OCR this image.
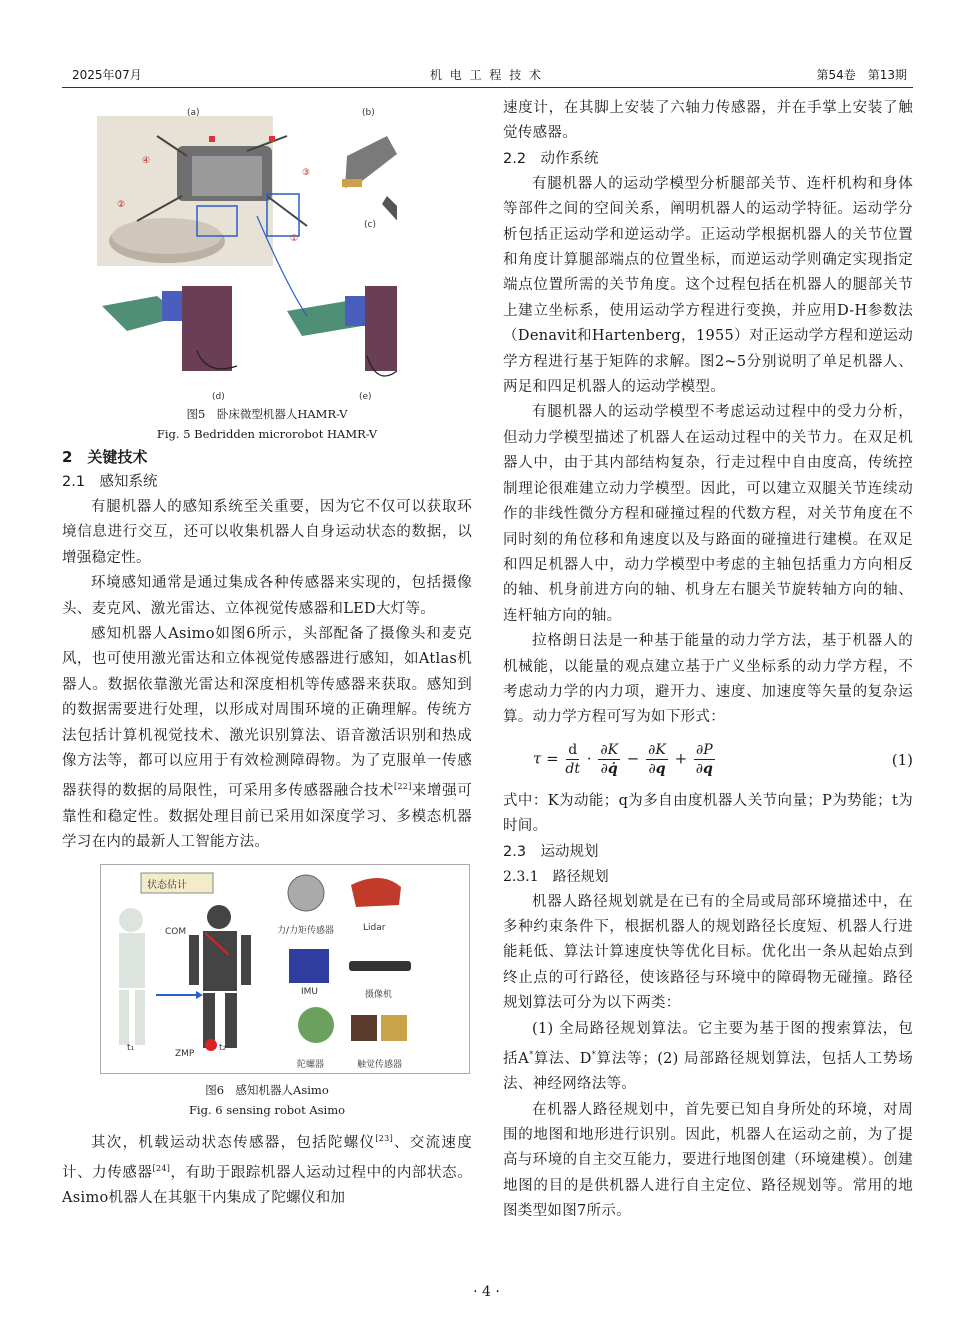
2025年07月	机 电 工 程 技 术	第54卷　第13期
(a)	(b)
(c)
(d)	(e)
①
②
③
④
图5　卧床微型机器人HAMR-V
Fig. 5 Bedridden microrobot HAMR-V
2　关键技术
2.1　感知系统

有腿机器人的感知系统至关重要，因为它不仅可以获取环境信息进行交互，还可以收集机器人自身运动状态的数据，以增强稳定性。

环境感知通常是通过集成各种传感器来实现的，包括摄像头、麦克风、激光雷达、立体视觉传感器和LED大灯等。

感知机器人Asimo如图6所示，头部配备了摄像头和麦克风，也可使用激光雷达和立体视觉传感器进行感知，如Atlas机器人。数据依靠激光雷达和深度相机等传感器来获取。感知到的数据需要进行处理，以形成对周围环境的正确理解。传统方法包括计算机视觉技术、激光识别算法、语音激活识别和热成像方法等，都可以应用于有效检测障碍物。为了克服单一传感器获得的数据的局限性，可采用多传感器融合技术[22]来增强可靠性和稳定性。数据处理目前已采用如深度学习、多模态机器学习在内的最新人工智能方法。

状态估计
COM
ZMP
t₁	t₂
力/力矩传感器	Lidar
IMU	摄像机
陀螺器	触觉传感器
图6　感知机器人Asimo
Fig. 6 sensing robot Asimo

其次，机载运动状态传感器，包括陀螺仪[23]、交流速度计、力传感器[24]，有助于跟踪机器人运动过程中的内部状态。Asimo机器人在其躯干内集成了陀螺仪和加

速度计，在其脚上安装了六轴力传感器，并在手掌上安装了触觉传感器。

2.2　动作系统

有腿机器人的运动学模型分析腿部关节、连杆机构和身体等部件之间的空间关系，阐明机器人的运动学特征。运动学分析包括正运动学和逆运动学。正运动学根据机器人的关节位置和角度计算腿部端点的位置坐标，而逆运动学则确定实现指定端点位置所需的关节角度。这个过程包括在机器人的腿部关节上建立坐标系，使用运动学方程进行变换，并应用D-H参数法（Denavit和Hartenberg，1955）对正运动学方程和逆运动学方程进行基于矩阵的求解。图2~5分别说明了单足机器人、两足和四足机器人的运动学模型。

有腿机器人的运动学模型不考虑运动过程中的受力分析，但动力学模型描述了机器人在运动过程中的关节力。在双足机器人中，由于其内部结构复杂，行走过程中自由度高，传统控制理论很难建立动力学模型。因此，可以建立双腿关节连续动作的非线性微分方程和碰撞过程的代数方程，对关节角度在不同时刻的角位移和角速度以及与路面的碰撞进行建模。在双足和四足机器人中，动力学模型中考虑的主轴包括重力方向相反的轴、机身前进方向的轴、机身左右腿关节旋转轴方向的轴、连杆轴方向的轴。

拉格朗日法是一种基于能量的动力学方法，基于机器人的机械能，以能量的观点建立基于广义坐标系的动力学方程，不考虑动力学的内力项，避开力、速度、加速度等矢量的复杂运算。动力学方程可写为如下形式：

$\tau = \frac{d}{dt} \cdot \frac{\partial K}{\partial q̇} - \frac{\partial K}{\partial q} + \frac{\partial P}{\partial q}$	(1)

式中：K为动能；q为多自由度机器人关节向量；P为势能；t为时间。

2.3　运动规划
2.3.1　路径规划

机器人路径规划就是在已有的全局或局部环境描述中，在多种约束条件下，根据机器人的规划路径长度短、机器人行进能耗低、算法计算速度快等优化目标。优化出一条从起始点到终止点的可行路径，使该路径与环境中的障碍物无碰撞。路径规划算法可分为以下两类：

(1) 全局路径规划算法。它主要为基于图的搜索算法，包括A*算法、D*算法等；(2) 局部路径规划算法，包括人工势场法、神经网络法等。

在机器人路径规划中，首先要已知自身所处的环境，对周围的地图和地形进行识别。因此，机器人在运动之前，为了提高与环境的自主交互能力，要进行地图创建（环境建模）。创建地图的目的是供机器人进行自主定位、路径规划等。常用的地图类型如图7所示。

· 4 ·
